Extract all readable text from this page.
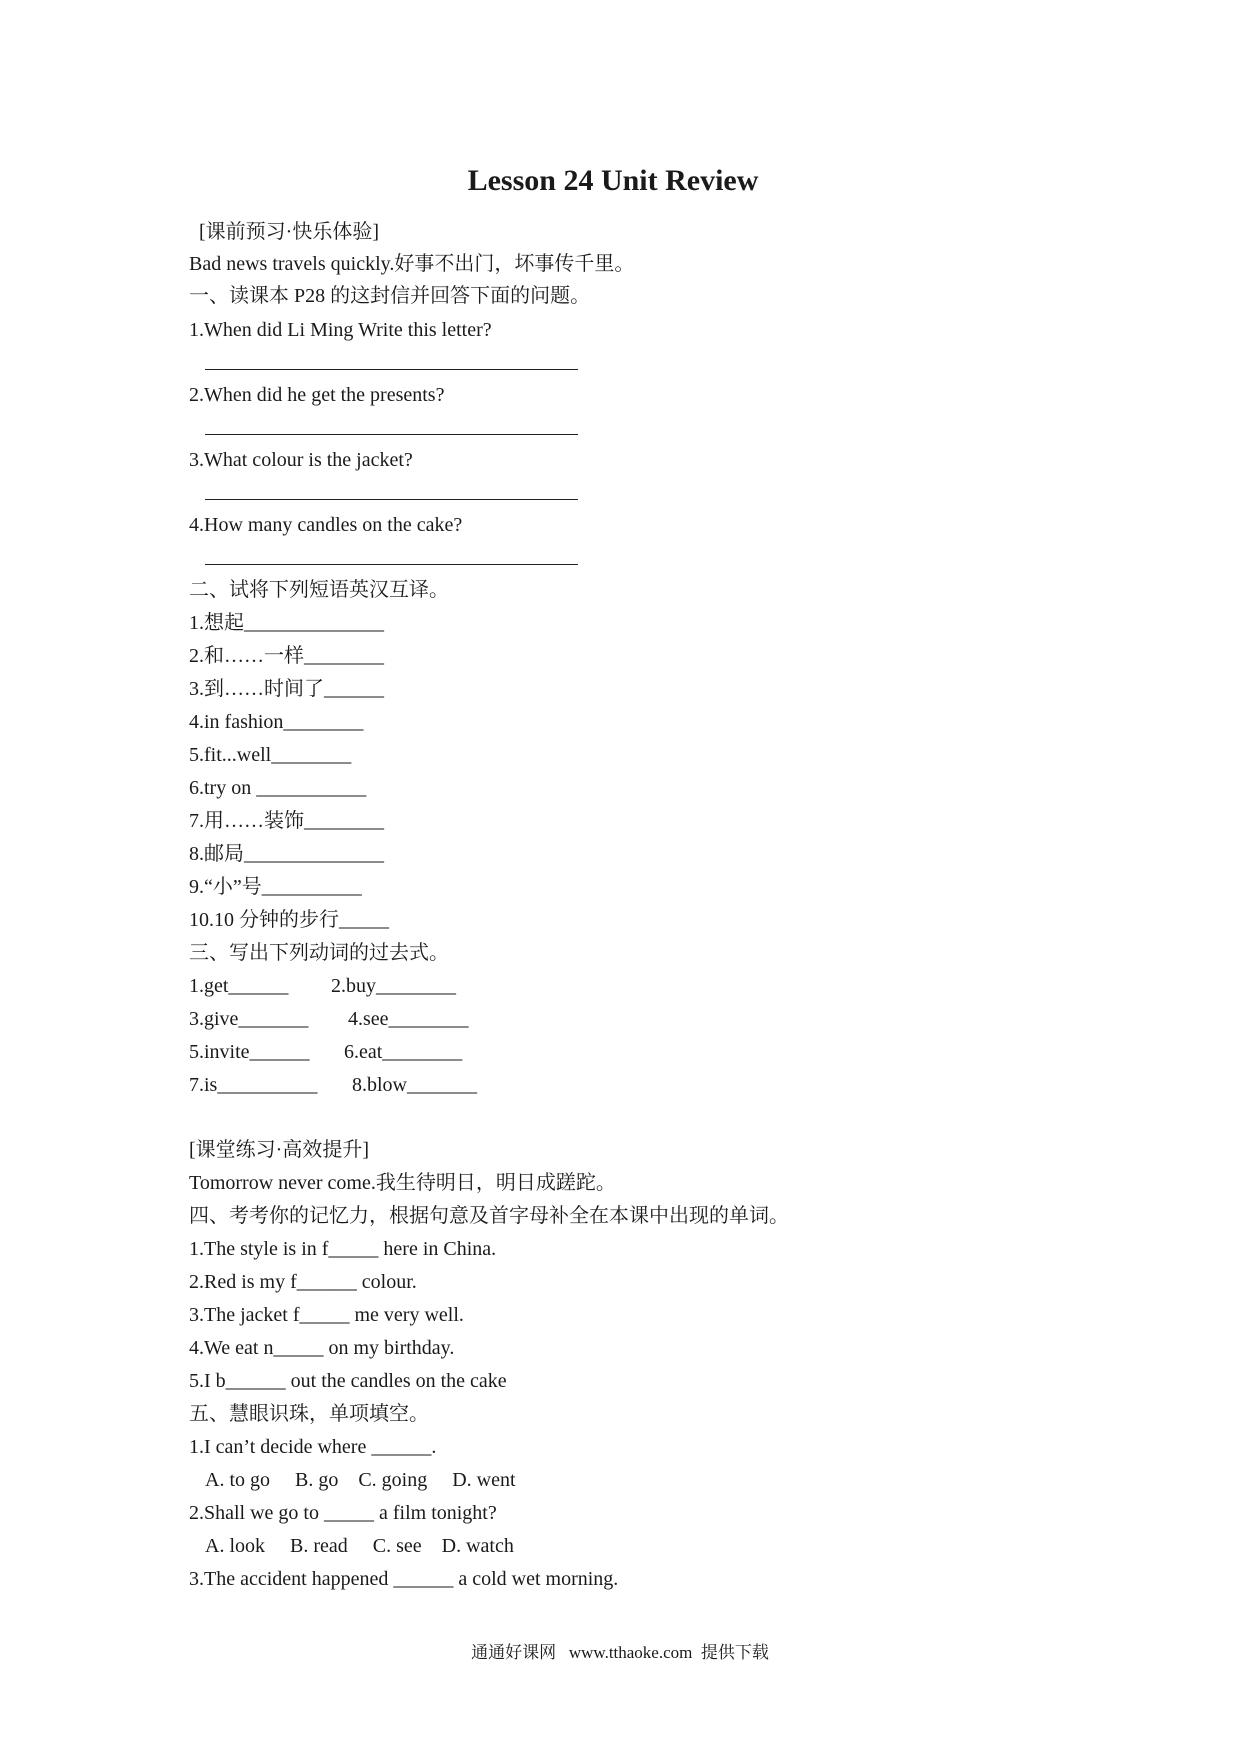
Lesson 24 Unit Review
[课前预习·快乐体验]
Bad news travels quickly.好事不出门，坏事传千里。
一、读课本 P28 的这封信并回答下面的问题。
1.When did Li Ming Write this letter?
2.When did he get the presents?
3.What colour is the jacket?
4.How many candles on the cake?
二、试将下列短语英汉互译。
1.想起______________
2.和……一样________
3.到……时间了______
4.in fashion________
5.fit...well________
6.try on ___________
7.用……装饰________
8.邮局______________
9.“小”号__________
10.10 分钟的步行_____
三、写出下列动词的过去式。
1.get______ 2.buy________
3.give_______ 4.see________
5.invite______ 6.eat________
7.is__________ 8.blow_______
[课堂练习·高效提升]
Tomorrow never come.我生待明日，明日成蹉跎。
四、考考你的记忆力，根据句意及首字母补全在本课中出现的单词。
1.The style is in f_____ here in China.
2.Red is my f______ colour.
3.The jacket f_____ me very well.
4.We eat n_____ on my birthday.
5.I b______ out the candles on the cake
五、慧眼识珠，单项填空。
1.I can’t decide where ______.
A. to go     B. go    C. going     D. went
2.Shall we go to _____ a film tonight?
A. look     B. read     C. see    D. watch
3.The accident happened ______ a cold wet morning.
通通好课网   www.tthaoke.com  提供下载
